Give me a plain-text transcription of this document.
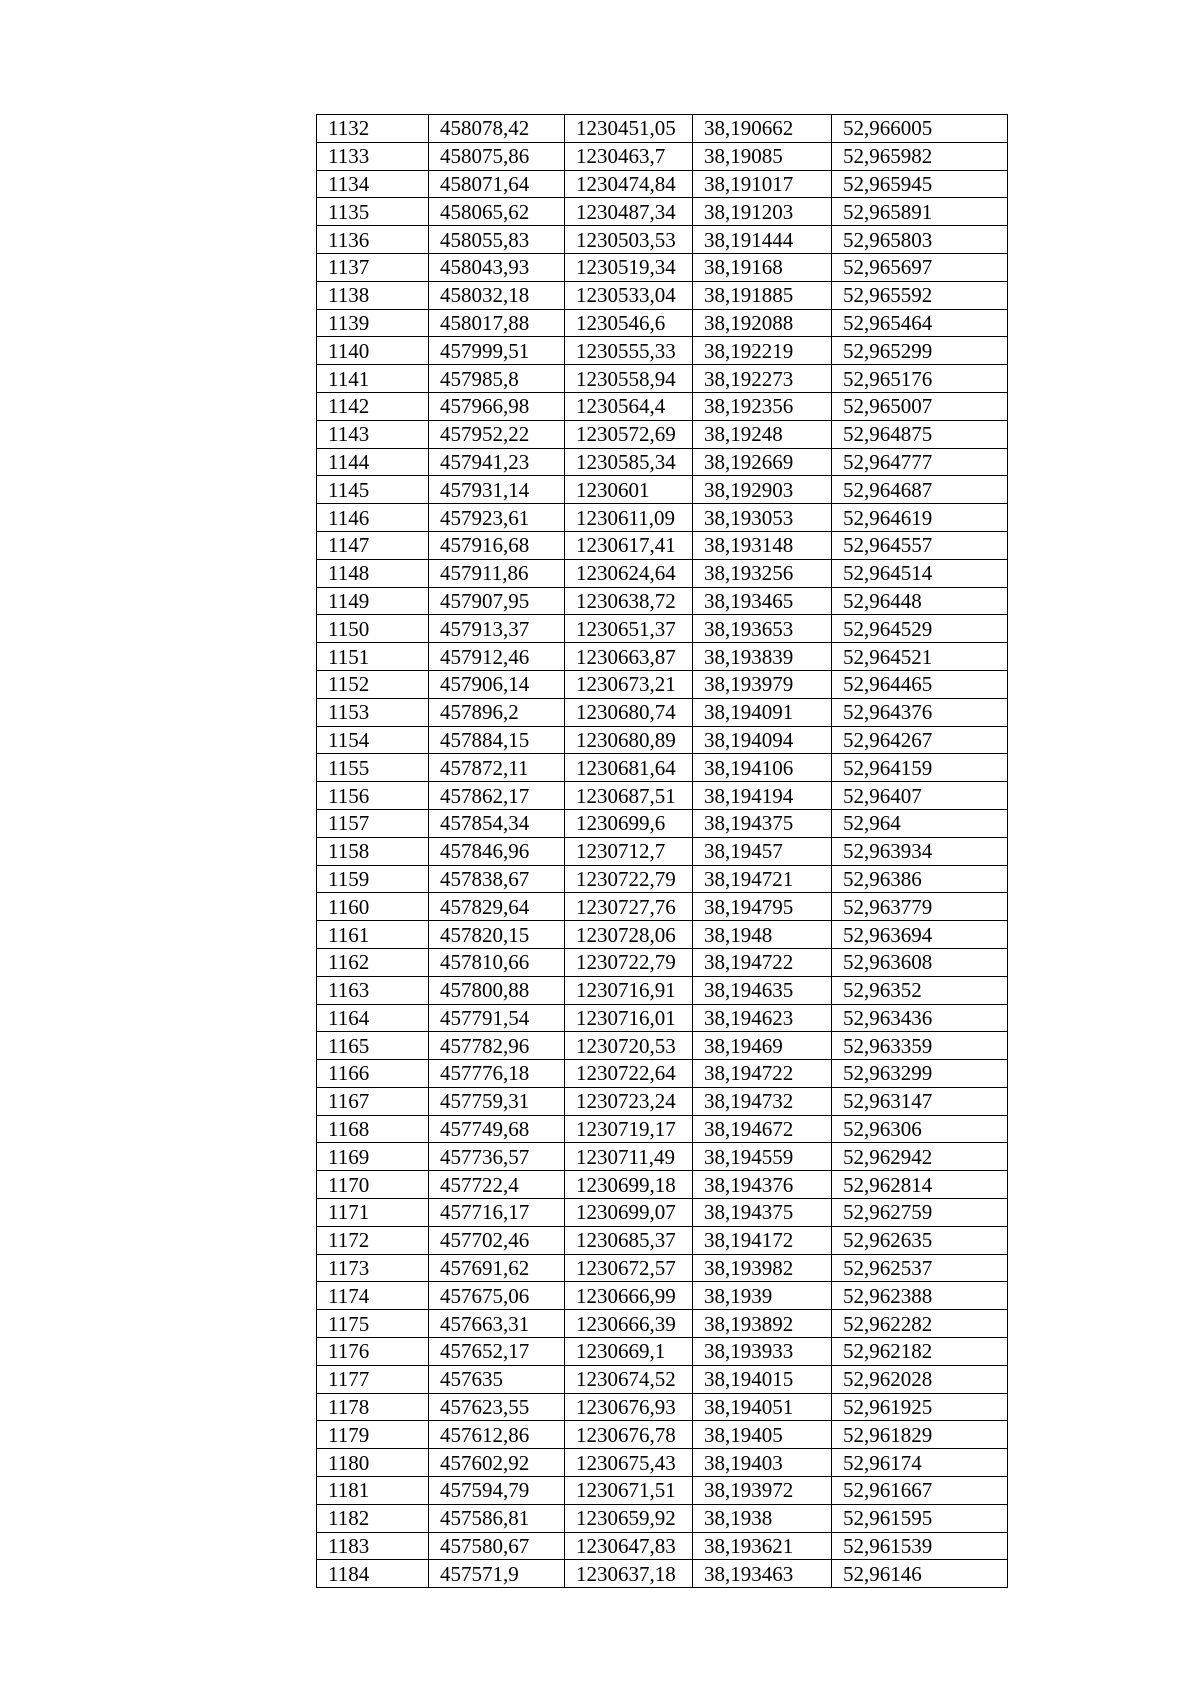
1132	458078,42	1230451,05	38,190662	52,966005
1133	458075,86	1230463,7	38,19085	52,965982
1134	458071,64	1230474,84	38,191017	52,965945
1135	458065,62	1230487,34	38,191203	52,965891
1136	458055,83	1230503,53	38,191444	52,965803
1137	458043,93	1230519,34	38,19168	52,965697
1138	458032,18	1230533,04	38,191885	52,965592
1139	458017,88	1230546,6	38,192088	52,965464
1140	457999,51	1230555,33	38,192219	52,965299
1141	457985,8	1230558,94	38,192273	52,965176
1142	457966,98	1230564,4	38,192356	52,965007
1143	457952,22	1230572,69	38,19248	52,964875
1144	457941,23	1230585,34	38,192669	52,964777
1145	457931,14	1230601	38,192903	52,964687
1146	457923,61	1230611,09	38,193053	52,964619
1147	457916,68	1230617,41	38,193148	52,964557
1148	457911,86	1230624,64	38,193256	52,964514
1149	457907,95	1230638,72	38,193465	52,96448
1150	457913,37	1230651,37	38,193653	52,964529
1151	457912,46	1230663,87	38,193839	52,964521
1152	457906,14	1230673,21	38,193979	52,964465
1153	457896,2	1230680,74	38,194091	52,964376
1154	457884,15	1230680,89	38,194094	52,964267
1155	457872,11	1230681,64	38,194106	52,964159
1156	457862,17	1230687,51	38,194194	52,96407
1157	457854,34	1230699,6	38,194375	52,964
1158	457846,96	1230712,7	38,19457	52,963934
1159	457838,67	1230722,79	38,194721	52,96386
1160	457829,64	1230727,76	38,194795	52,963779
1161	457820,15	1230728,06	38,1948	52,963694
1162	457810,66	1230722,79	38,194722	52,963608
1163	457800,88	1230716,91	38,194635	52,96352
1164	457791,54	1230716,01	38,194623	52,963436
1165	457782,96	1230720,53	38,19469	52,963359
1166	457776,18	1230722,64	38,194722	52,963299
1167	457759,31	1230723,24	38,194732	52,963147
1168	457749,68	1230719,17	38,194672	52,96306
1169	457736,57	1230711,49	38,194559	52,962942
1170	457722,4	1230699,18	38,194376	52,962814
1171	457716,17	1230699,07	38,194375	52,962759
1172	457702,46	1230685,37	38,194172	52,962635
1173	457691,62	1230672,57	38,193982	52,962537
1174	457675,06	1230666,99	38,1939	52,962388
1175	457663,31	1230666,39	38,193892	52,962282
1176	457652,17	1230669,1	38,193933	52,962182
1177	457635	1230674,52	38,194015	52,962028
1178	457623,55	1230676,93	38,194051	52,961925
1179	457612,86	1230676,78	38,19405	52,961829
1180	457602,92	1230675,43	38,19403	52,96174
1181	457594,79	1230671,51	38,193972	52,961667
1182	457586,81	1230659,92	38,1938	52,961595
1183	457580,67	1230647,83	38,193621	52,961539
1184	457571,9	1230637,18	38,193463	52,96146
